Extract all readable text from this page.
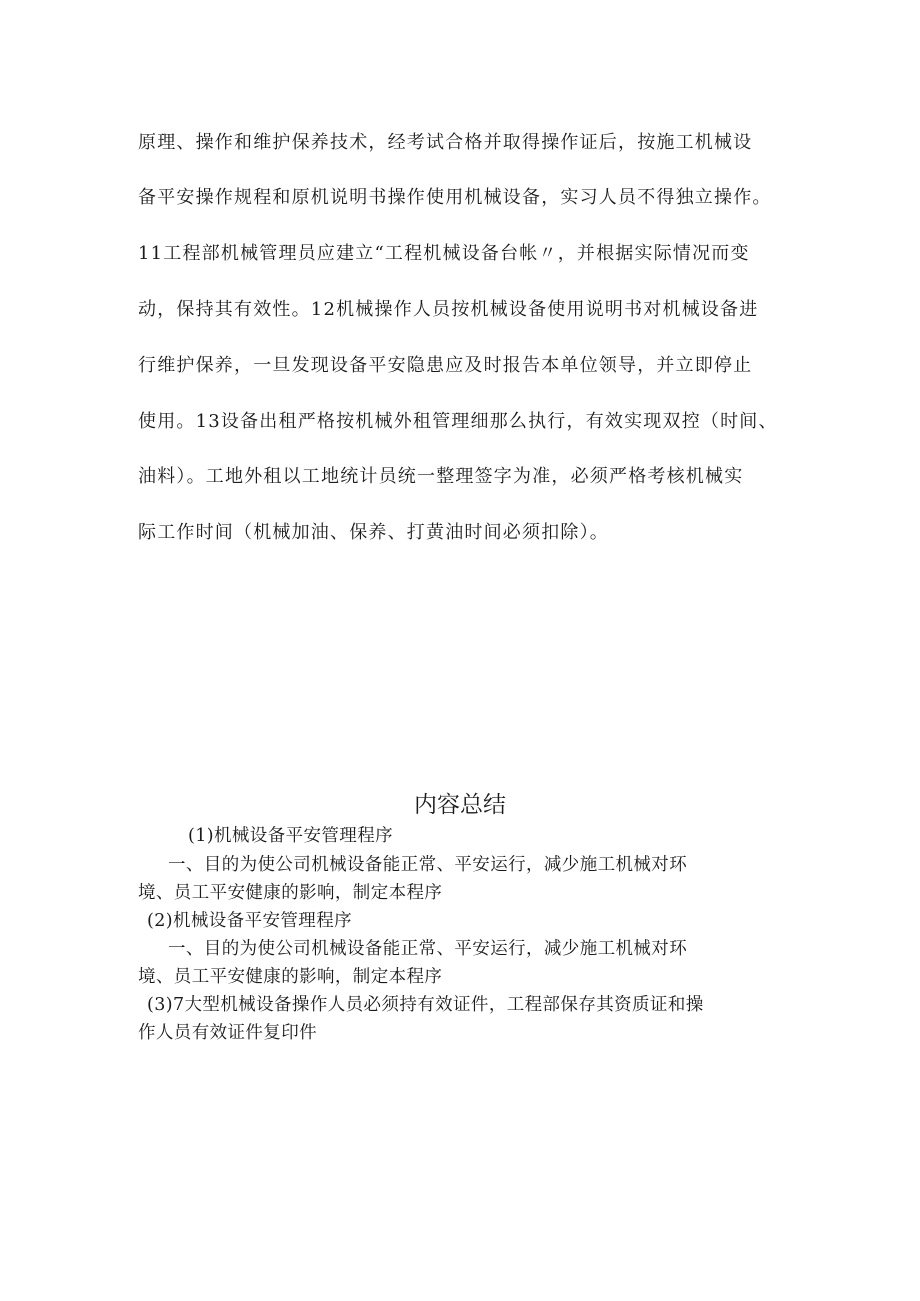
原理、操作和维护保养技术，经考试合格并取得操作证后，按施工机械设

备平安操作规程和原机说明书操作使用机械设备，实习人员不得独立操作。

11工程部机械管理员应建立“工程机械设备台帐〃，并根据实际情况而变

动，保持其有效性。12机械操作人员按机械设备使用说明书对机械设备进

行维护保养，一旦发现设备平安隐患应及时报告本单位领导，并立即停止

使用。13设备出租严格按机械外租管理细那么执行，有效实现双控（时间、

油料）。工地外租以工地统计员统一整理签字为准，必须严格考核机械实

际工作时间（机械加油、保养、打黄油时间必须扣除）。

内容总结

(1)机械设备平安管理程序

一、目的为使公司机械设备能正常、平安运行，减少施工机械对环

境、员工平安健康的影响，制定本程序

(2)机械设备平安管理程序

一、目的为使公司机械设备能正常、平安运行，减少施工机械对环

境、员工平安健康的影响，制定本程序

(3)7大型机械设备操作人员必须持有效证件，工程部保存其资质证和操

作人员有效证件复印件
